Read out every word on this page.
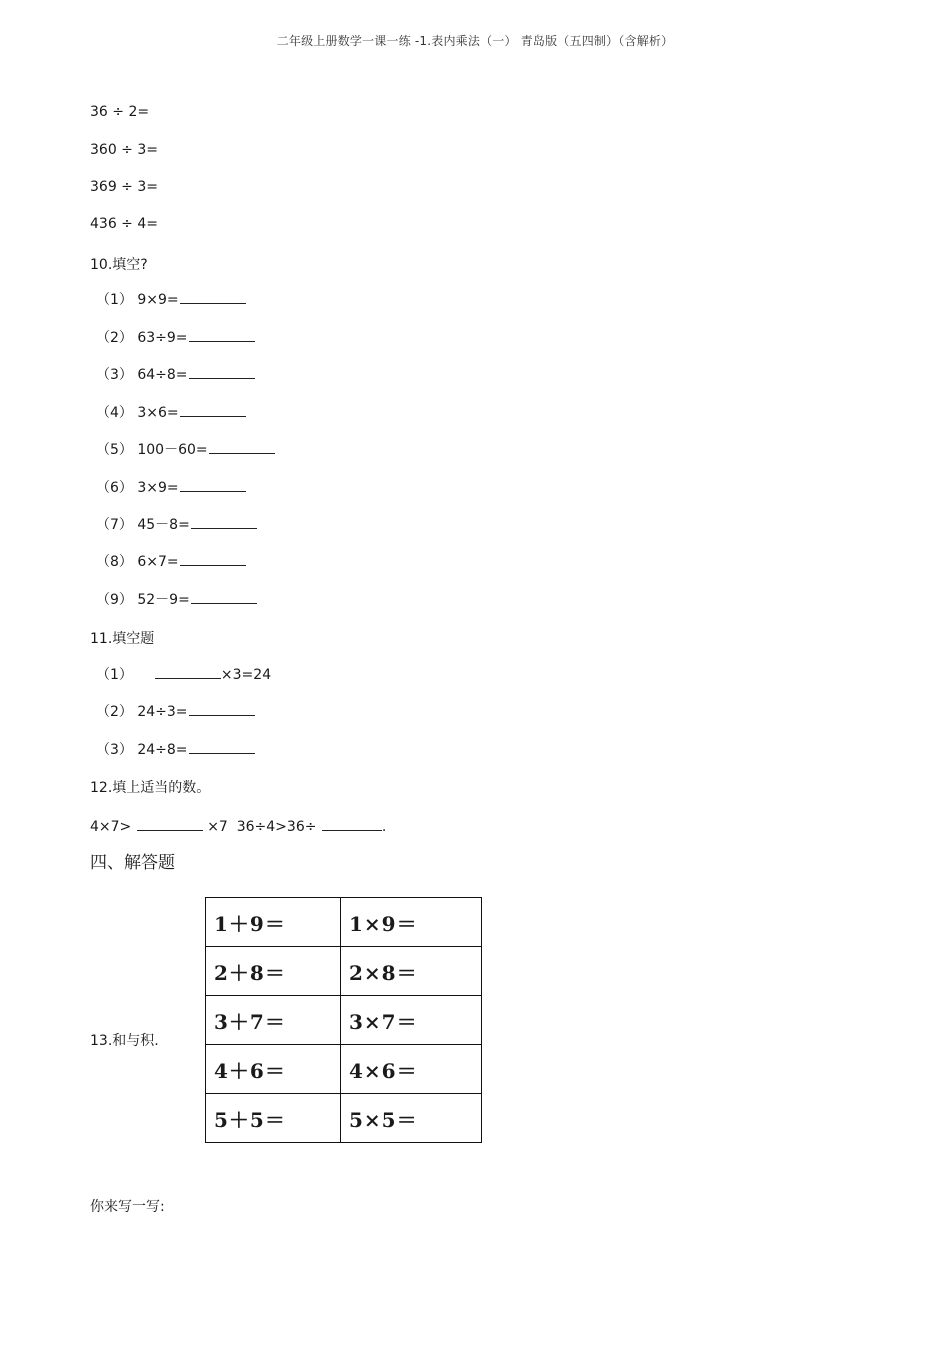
二年级上册数学一课一练 -1.表内乘法（一） 青岛版（五四制）（含解析）
36 ÷ 2=
360 ÷ 3=
369 ÷ 3=
436 ÷ 4=
10.填空?
（1） 9×9=
（2） 63÷9=
（3） 64÷8=
（4） 3×6=
（5） 100－60=
（6） 3×9=
（7） 45－8=
（8） 6×7=
（9） 52－9=
11.填空题
（1）	×3=24
（2） 24÷3=
（3） 24÷8=
12.填上适当的数。
4×7>	×7 36÷4>36÷	.
四、解答题
13.和与积.
1＋9＝	1×9＝
2＋8＝	2×8＝
3＋7＝	3×7＝
4＋6＝	4×6＝
5＋5＝	5×5＝
你来写一写:
